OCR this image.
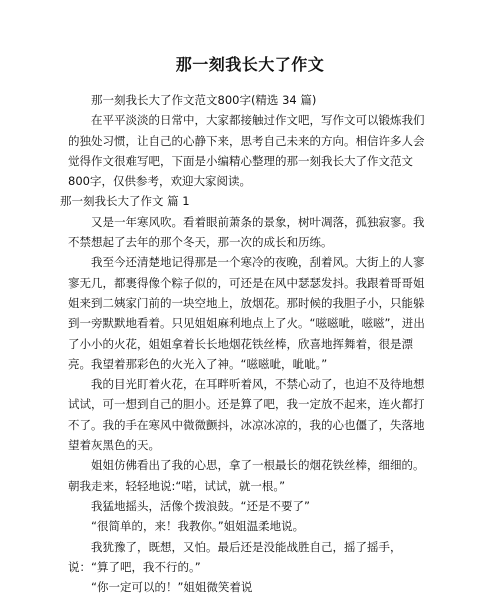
那一刻我长大了作文

那一刻我长大了作文范文800字(精选 34 篇)

在平平淡淡的日常中，大家都接触过作文吧，写作文可以锻炼我们的独处习惯，让自己的心静下来，思考自己未来的方向。相信许多人会觉得作文很难写吧，下面是小编精心整理的那一刻我长大了作文范文800字，仅供参考，欢迎大家阅读。

那一刻我长大了作文 篇 1

又是一年寒风吹。看着眼前萧条的景象，树叶凋落，孤独寂寥。我不禁想起了去年的那个冬天，那一次的成长和历练。

我至今还清楚地记得那是一个寒冷的夜晚，刮着风。大街上的人寥寥无几，都裹得像个粽子似的，可还是在风中瑟瑟发抖。我跟着哥哥姐姐来到二姨家门前的一块空地上，放烟花。那时候的我胆子小，只能躲到一旁默默地看着。只见姐姐麻利地点上了火。“嗞嗞呲，嗞嗞”，迸出了小小的火花，姐姐拿着长长地烟花铁丝棒，欣喜地挥舞着，很是漂亮。我望着那彩色的火光入了神。“嗞嗞呲，呲呲。”

我的目光盯着火花，在耳畔听着风，不禁心动了，也迫不及待地想试试，可一想到自己的胆小。还是算了吧，我一定放不起来，连火都打不了。我的手在寒风中微微颤抖，冰凉冰凉的，我的心也僵了，失落地望着灰黑色的天。

姐姐仿佛看出了我的心思，拿了一根最长的烟花铁丝棒，细细的。朝我走来，轻轻地说:“喏，试试，就一根。”

我猛地摇头，活像个拨浪鼓。“还是不要了”

“很简单的，来！我教你。”姐姐温柔地说。

我犹豫了，既想，又怕。最后还是没能战胜自己，摇了摇手，说：“算了吧，我不行的。”

“你一定可以的！”姐姐微笑着说
